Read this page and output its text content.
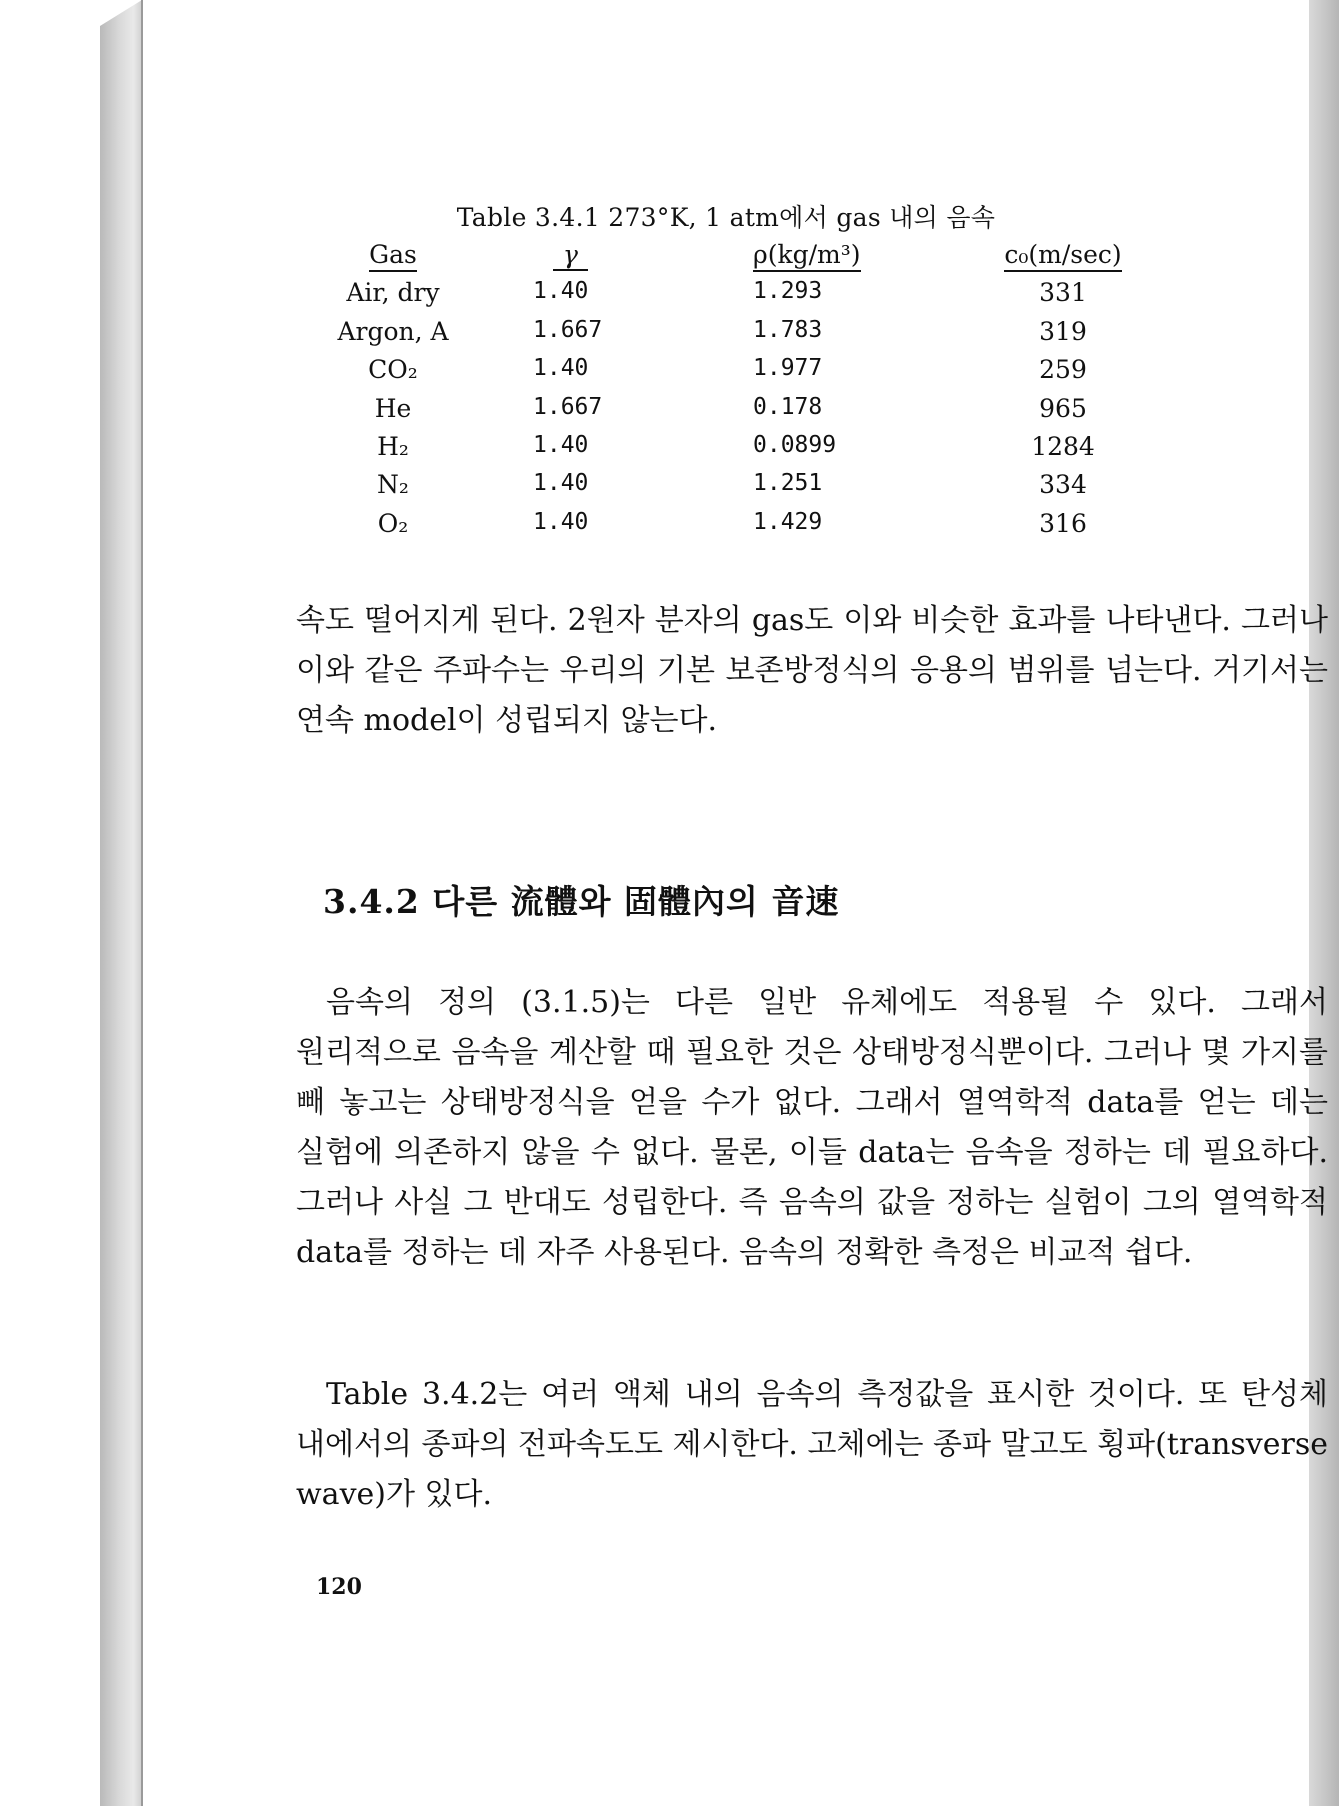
Table 3.4.1 273°K, 1 atm에서 gas 내의 음속
Gas	γ	ρ(kg/m³)	c₀(m/sec)
Air, dry	1.40	1.293	331
Argon, A	1.667	1.783	319
CO₂	1.40	1.977	259
He	1.667	0.178	965
H₂	1.40	0.0899	1284
N₂	1.40	1.251	334
O₂	1.40	1.429	316
속도 떨어지게 된다. 2원자 분자의 gas도 이와 비슷한 효과를 나타낸다. 그러나 이와 같은 주파수는 우리의 기본 보존방정식의 응용의 범위를 넘는다. 거기서는 연속 model이 성립되지 않는다.
3.4.2 다른 流體와 固體內의 音速
음속의 정의 (3.1.5)는 다른 일반 유체에도 적용될 수 있다. 그래서 원리적으로 음속을 계산할 때 필요한 것은 상태방정식뿐이다. 그러나 몇 가지를 빼 놓고는 상태방정식을 얻을 수가 없다. 그래서 열역학적 data를 얻는 데는 실험에 의존하지 않을 수 없다. 물론, 이들 data는 음속을 정하는 데 필요하다. 그러나 사실 그 반대도 성립한다. 즉 음속의 값을 정하는 실험이 그의 열역학적 data를 정하는 데 자주 사용된다. 음속의 정확한 측정은 비교적 쉽다.
Table 3.4.2는 여러 액체 내의 음속의 측정값을 표시한 것이다. 또 탄성체 내에서의 종파의 전파속도도 제시한다. 고체에는 종파 말고도 횡파(transverse wave)가 있다.
120
